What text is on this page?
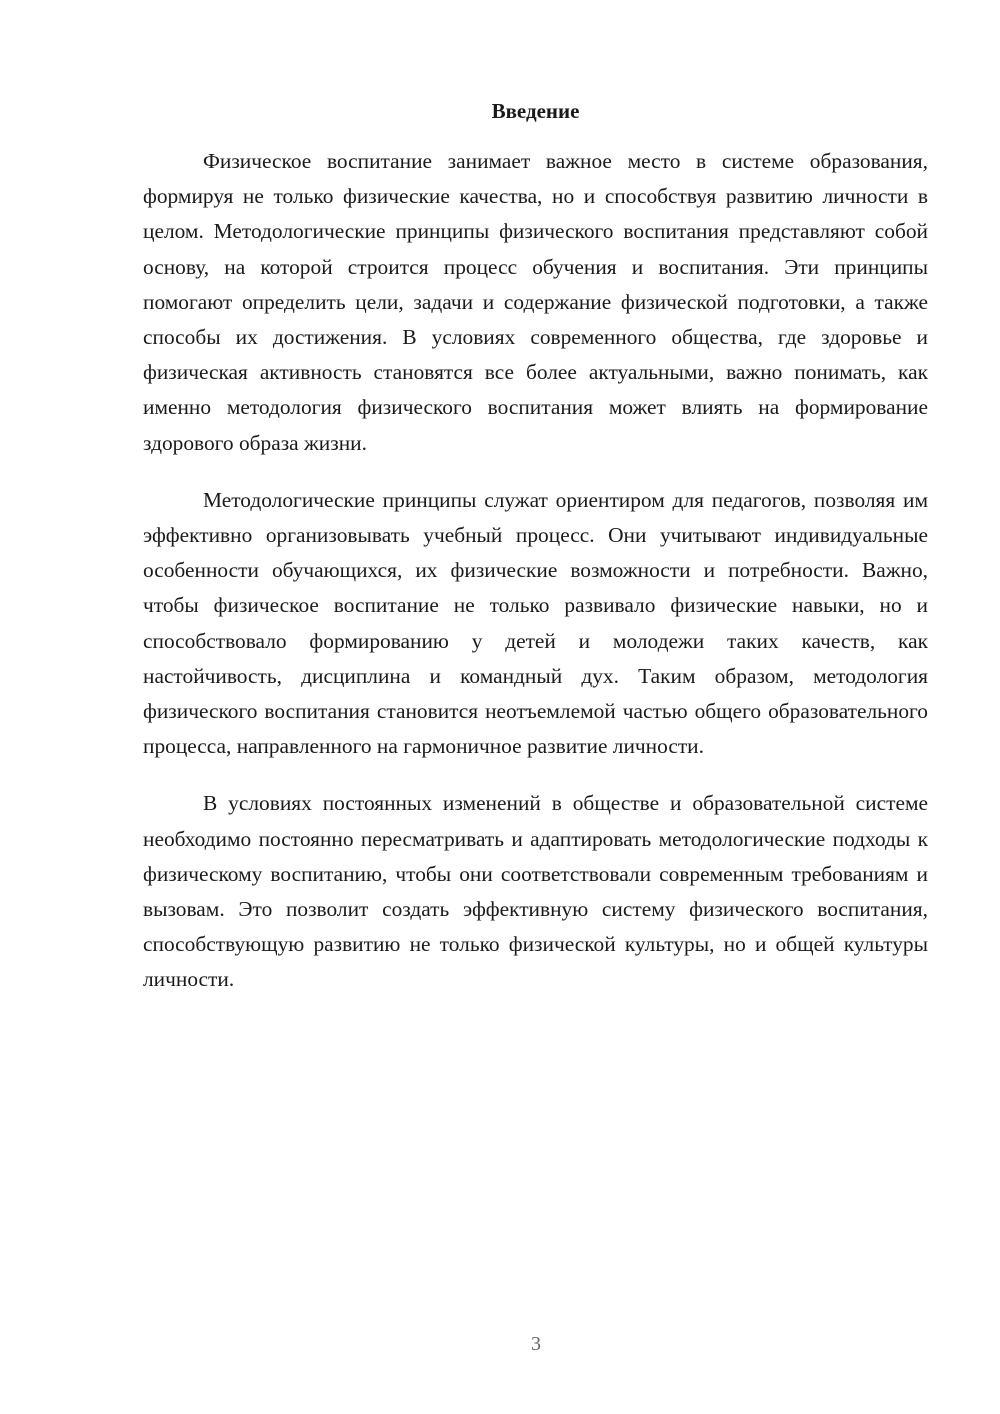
Введение

Физическое воспитание занимает важное место в системе образования, формируя не только физические качества, но и способствуя развитию личности в целом. Методологические принципы физического воспитания представляют собой основу, на которой строится процесс обучения и воспитания. Эти принципы помогают определить цели, задачи и содержание физической подготовки, а также способы их достижения. В условиях современного общества, где здоровье и физическая активность становятся все более актуальными, важно понимать, как именно методология физического воспитания может влиять на формирование здорового образа жизни.

Методологические принципы служат ориентиром для педагогов, позволяя им эффективно организовывать учебный процесс. Они учитывают индивидуальные особенности обучающихся, их физические возможности и потребности. Важно, чтобы физическое воспитание не только развивало физические навыки, но и способствовало формированию у детей и молодежи таких качеств, как настойчивость, дисциплина и командный дух. Таким образом, методология физического воспитания становится неотъемлемой частью общего образовательного процесса, направленного на гармоничное развитие личности.

В условиях постоянных изменений в обществе и образовательной системе необходимо постоянно пересматривать и адаптировать методологические подходы к физическому воспитанию, чтобы они соответствовали современным требованиям и вызовам. Это позволит создать эффективную систему физического воспитания, способствующую развитию не только физической культуры, но и общей культуры личности.

3
